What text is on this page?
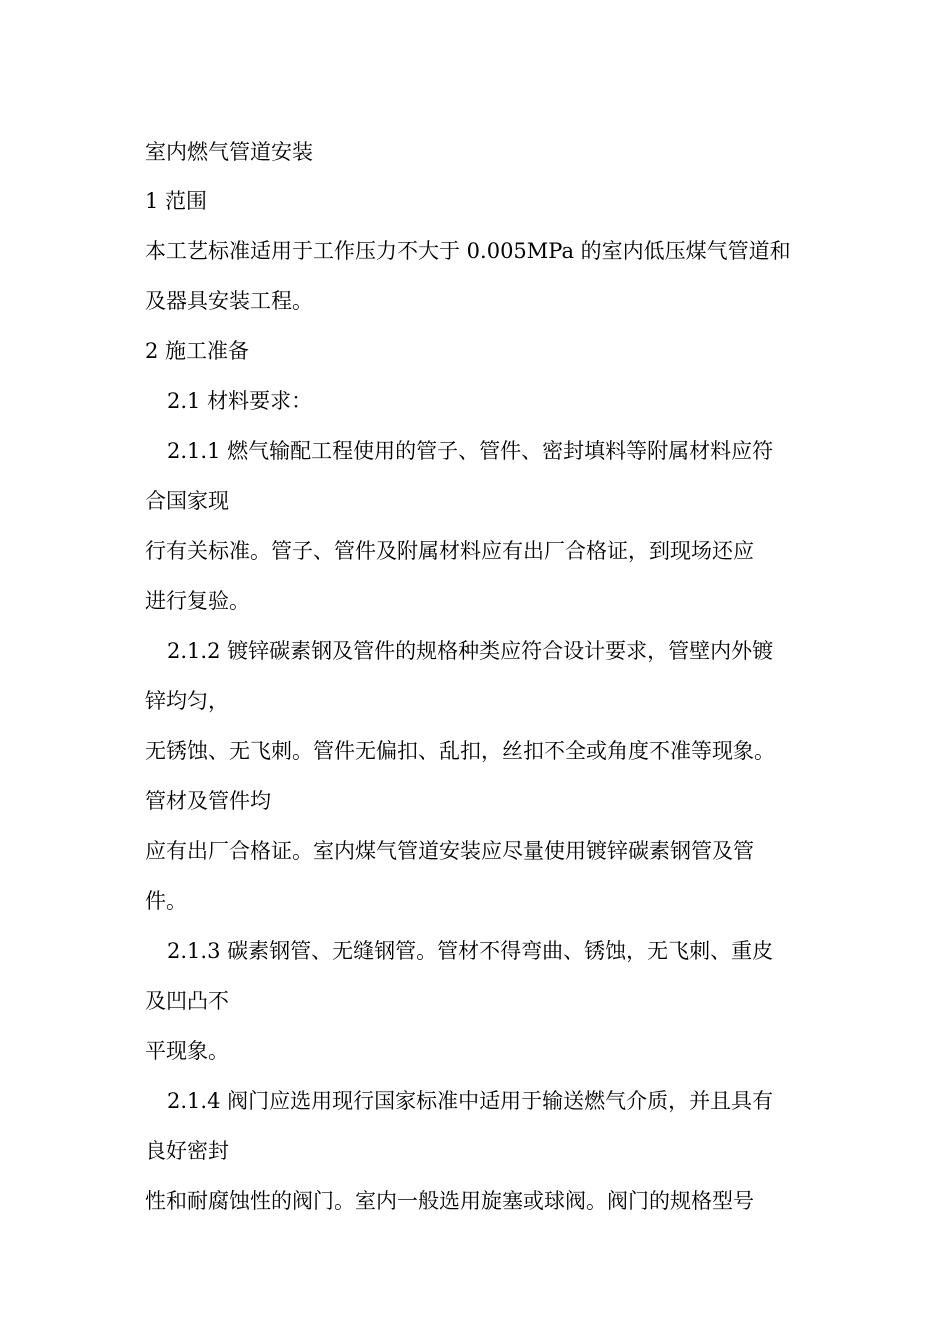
室内燃气管道安装
1 范围
本工艺标准适用于工作压力不大于 0.005MPa 的室内低压煤气管道和
及器具安装工程。
2 施工准备
2.1 材料要求：
2.1.1 燃气输配工程使用的管子、管件、密封填料等附属材料应符
合国家现
行有关标准。管子、管件及附属材料应有出厂合格证，到现场还应
进行复验。
2.1.2 镀锌碳素钢及管件的规格种类应符合设计要求，管壁内外镀
锌均匀，
无锈蚀、无飞刺。管件无偏扣、乱扣，丝扣不全或角度不准等现象。
管材及管件均
应有出厂合格证。室内煤气管道安装应尽量使用镀锌碳素钢管及管
件。
2.1.3 碳素钢管、无缝钢管。管材不得弯曲、锈蚀，无飞刺、重皮
及凹凸不
平现象。
2.1.4 阀门应选用现行国家标准中适用于输送燃气介质，并且具有
良好密封
性和耐腐蚀性的阀门。室内一般选用旋塞或球阀。阀门的规格型号
